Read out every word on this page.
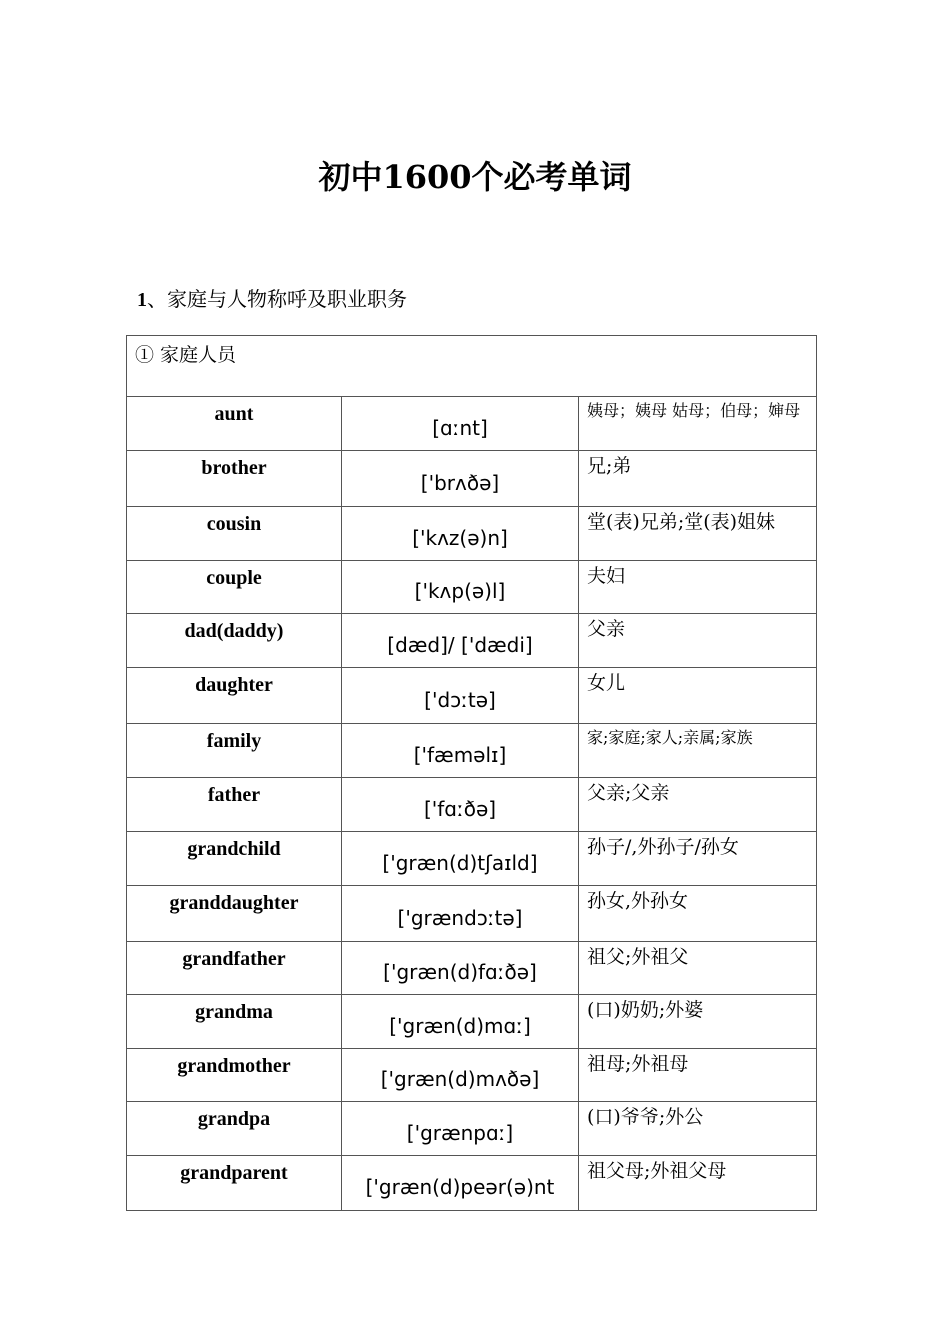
初中1600个必考单词
1、家庭与人物称呼及职业职务
① 家庭人员		
aunt	[ɑːnt]	姨母；姨母 姑母；伯母；婶母
brother	['brʌðə]	兄;弟
cousin	['kʌz(ə)n]	堂(表)兄弟;堂(表)姐妹
couple	['kʌp(ə)l]	夫妇
dad(daddy)	[dæd]/ ['dædi]	父亲
daughter	['dɔːtə]	女儿
family	['fæməlɪ]	家;家庭;家人;亲属;家族
father	['fɑːðə]	父亲;父亲
grandchild	['græn(d)tʃaɪld]	孙子/,外孙子/孙女
granddaughter	['grændɔːtə]	孙女,外孙女
grandfather	['græn(d)fɑːðə]	祖父;外祖父
grandma	['græn(d)mɑː]	(口)奶奶;外婆
grandmother	['græn(d)mʌðə]	祖母;外祖母
grandpa	['grænpɑː]	(口)爷爷;外公
grandparent	['græn(d)peər(ə)nt	祖父母;外祖父母
